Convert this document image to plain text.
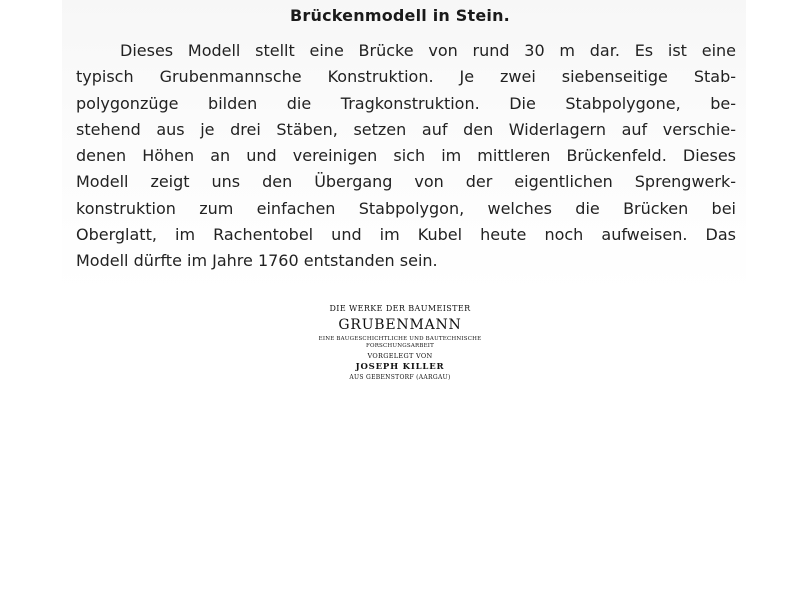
Brückenmodell in Stein.
Dieses Modell stellt eine Brücke von rund 30 m dar. Es ist eine
typisch Grubenmannsche Konstruktion. Je zwei siebenseitige Stab-
polygonzüge bilden die Tragkonstruktion. Die Stabpolygone, be-
stehend aus je drei Stäben, setzen auf den Widerlagern auf verschie-
denen Höhen an und vereinigen sich im mittleren Brückenfeld. Dieses
Modell zeigt uns den Übergang von der eigentlichen Sprengwerk-
konstruktion zum einfachen Stabpolygon, welches die Brücken bei
Oberglatt, im Rachentobel und im Kubel heute noch aufweisen. Das
Modell dürfte im Jahre 1760 entstanden sein.
DIE WERKE DER BAUMEISTER
GRUBENMANN
EINE BAUGESCHICHTLICHE UND BAUTECHNISCHE
FORSCHUNGSARBEIT
VORGELEGT VON
JOSEPH KILLER
AUS GEBENSTORF (AARGAU)
